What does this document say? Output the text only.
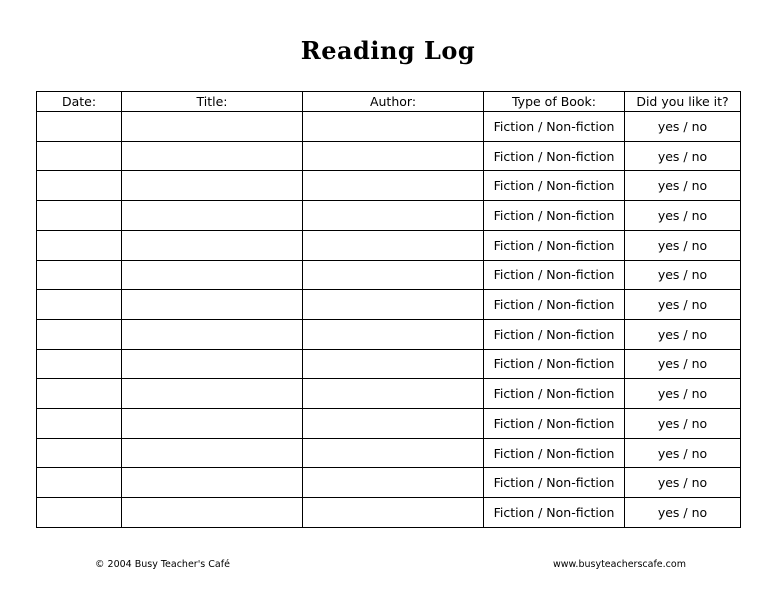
Reading Log
Date:	Title:	Author:	Type of Book:	Did you like it?
			Fiction / Non-fiction	yes / no
			Fiction / Non-fiction	yes / no
			Fiction / Non-fiction	yes / no
			Fiction / Non-fiction	yes / no
			Fiction / Non-fiction	yes / no
			Fiction / Non-fiction	yes / no
			Fiction / Non-fiction	yes / no
			Fiction / Non-fiction	yes / no
			Fiction / Non-fiction	yes / no
			Fiction / Non-fiction	yes / no
			Fiction / Non-fiction	yes / no
			Fiction / Non-fiction	yes / no
			Fiction / Non-fiction	yes / no
			Fiction / Non-fiction	yes / no
© 2004 Busy Teacher's Café	www.busyteacherscafe.com
